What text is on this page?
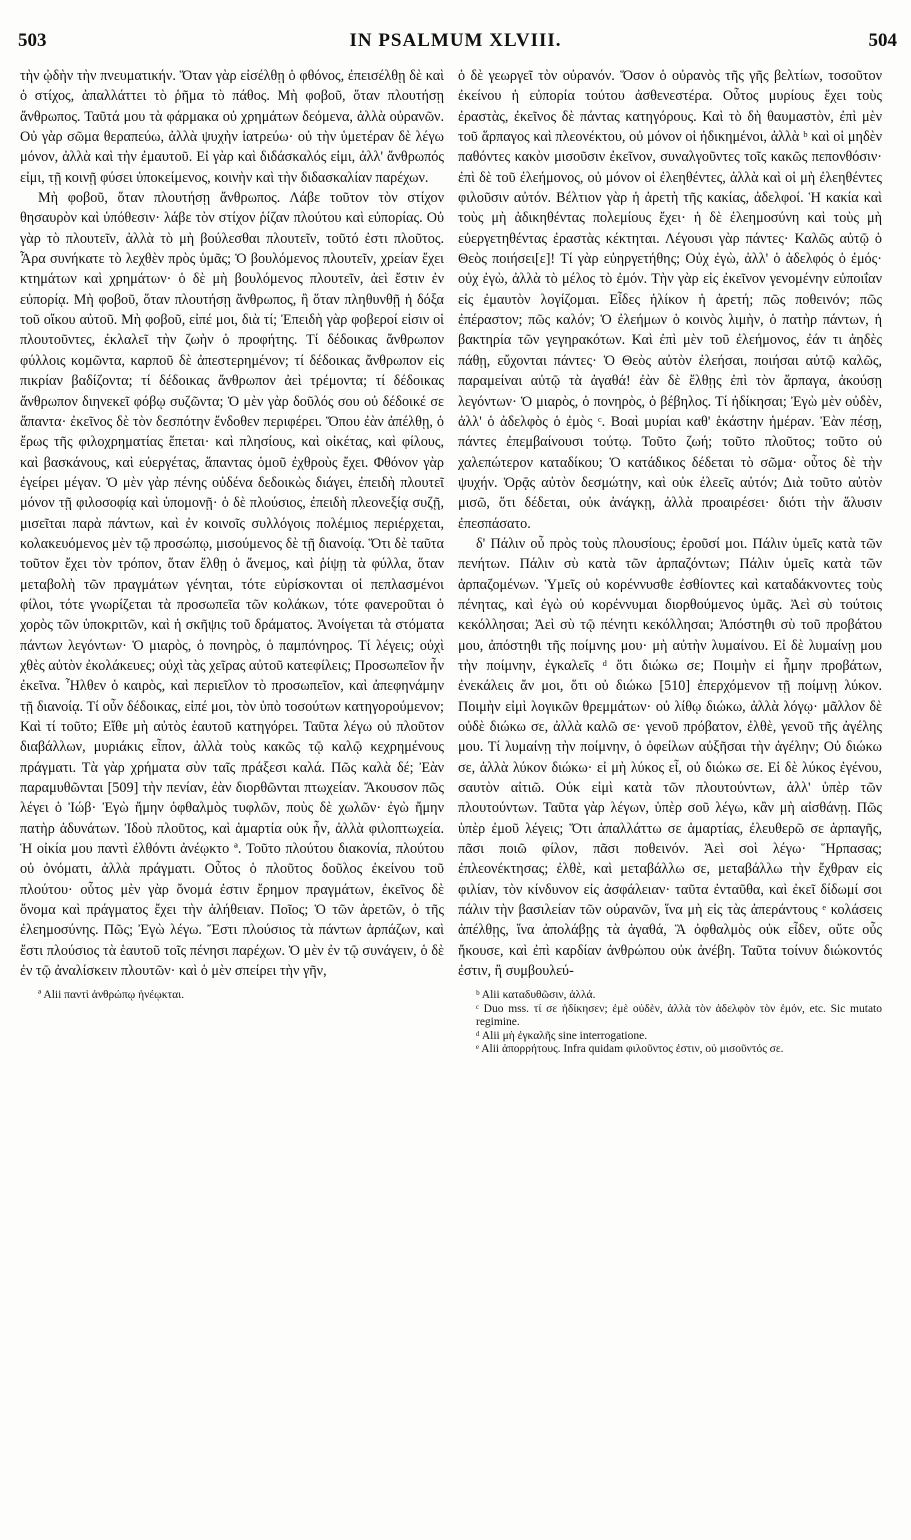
503	IN PSALMUM XLVIII.	504

τὴν ᾠδὴν τὴν πνευματικήν. Ὅταν γὰρ εἰσέλθῃ ὁ φθόνος, ἐπεισέλθῃ δὲ καὶ ὁ στίχος, ἀπαλλάττει τὸ ῥῆμα τὸ πάθος. Μὴ φοβοῦ, ὅταν πλουτήσῃ ἄνθρωπος. Ταῦτά μου τὰ φάρμακα οὐ χρημάτων δεόμενα, ἀλλὰ οὐρανῶν. Οὐ γὰρ σῶμα θεραπεύω, ἀλλὰ ψυχὴν ἰατρεύω· οὐ τὴν ὑμετέραν δὲ λέγω μόνον, ἀλλὰ καὶ τὴν ἐμαυτοῦ. Εἰ γὰρ καὶ διδάσκαλός εἰμι, ἀλλ' ἄνθρωπός εἰμι, τῇ κοινῇ φύσει ὑποκείμενος, κοινὴν καὶ τὴν διδασκαλίαν παρέχων.

Μὴ φοβοῦ, ὅταν πλουτήσῃ ἄνθρωπος. Λάβε τοῦτον τὸν στίχον θησαυρὸν καὶ ὑπόθεσιν· λάβε τὸν στίχον ῥίζαν πλούτου καὶ εὐπορίας. Οὐ γὰρ τὸ πλουτεῖν, ἀλλὰ τὸ μὴ βούλεσθαι πλουτεῖν, τοῦτό ἐστι πλοῦτος. Ἆρα συνήκατε τὸ λεχθὲν πρὸς ὑμᾶς; Ὁ βουλόμενος πλουτεῖν, χρείαν ἔχει κτημάτων καὶ χρημάτων· ὁ δὲ μὴ βουλόμενος πλουτεῖν, ἀεὶ ἔστιν ἐν εὐπορίᾳ. Μὴ φοβοῦ, ὅταν πλουτήσῃ ἄνθρωπος, ἢ ὅταν πληθυνθῇ ἡ δόξα τοῦ οἴκου αὐτοῦ. Μὴ φοβοῦ, εἰπέ μοι, διὰ τί; Ἐπειδὴ γὰρ φοβεροί εἰσιν οἱ πλουτοῦντες, ἐκλαλεῖ τὴν ζωὴν ὁ προφήτης. Τί δέδοικας ἄνθρωπον φύλλοις κομῶντα, καρποῦ δὲ ἀπεστερημένον; τί δέδοικας ἄνθρωπον εἰς πικρίαν βαδίζοντα; τί δέδοικας ἄνθρωπον ἀεὶ τρέμοντα; τί δέδοικας ἄνθρωπον διηνεκεῖ φόβῳ συζῶντα; Ὁ μὲν γὰρ δοῦλός σου οὐ δέδοικέ σε ἅπαντα· ἐκεῖνος δὲ τὸν δεσπότην ἔνδοθεν περιφέρει. Ὅπου ἐὰν ἀπέλθῃ, ὁ ἔρως τῆς φιλοχρηματίας ἕπεται· καὶ πλησίους, καὶ οἰκέτας, καὶ φίλους, καὶ βασκάνους, καὶ εὐεργέτας, ἅπαντας ὁμοῦ ἐχθροὺς ἔχει. Φθόνον γὰρ ἐγείρει μέγαν. Ὁ μὲν γὰρ πένης οὐδένα δεδοικὼς διάγει, ἐπειδὴ πλουτεῖ μόνον τῇ φιλοσοφίᾳ καὶ ὑπομονῇ· ὁ δὲ πλούσιος, ἐπειδὴ πλεονεξίᾳ συζῇ, μισεῖται παρὰ πάντων, καὶ ἐν κοινοῖς συλλόγοις πολέμιος περιέρχεται, κολακευόμενος μὲν τῷ προσώπῳ, μισούμενος δὲ τῇ διανοίᾳ. Ὅτι δὲ ταῦτα τοῦτον ἔχει τὸν τρόπον, ὅταν ἔλθῃ ὁ ἄνεμος, καὶ ῥίψῃ τὰ φύλλα, ὅταν μεταβολὴ τῶν πραγμάτων γένηται, τότε εὑρίσκονται οἱ πεπλασμένοι φίλοι, τότε γνωρίζεται τὰ προσωπεῖα τῶν κολάκων, τότε φανεροῦται ὁ χορὸς τῶν ὑποκριτῶν, καὶ ἡ σκῆψις τοῦ δράματος. Ἀνοίγεται τὰ στόματα πάντων λεγόντων· Ὁ μιαρὸς, ὁ πονηρὸς, ὁ παμπόνηρος. Τί λέγεις; οὐχὶ χθὲς αὐτὸν ἐκολάκευες; οὐχὶ τὰς χεῖρας αὐτοῦ κατεφίλεις; Προσωπεῖον ἦν ἐκεῖνα. Ἦλθεν ὁ καιρὸς, καὶ περιεῖλον τὸ προσωπεῖον, καὶ ἀπεφηνάμην τῇ διανοίᾳ. Τί οὖν δέδοικας, εἰπέ μοι, τὸν ὑπὸ τοσούτων κατηγορούμενον; Καὶ τί τοῦτο; Εἴθε μὴ αὐτὸς ἑαυτοῦ κατηγόρει. Ταῦτα λέγω οὐ πλοῦτον διαβάλλων, μυριάκις εἶπον, ἀλλὰ τοὺς κακῶς τῷ καλῷ κεχρημένους πράγματι. Τὰ γὰρ χρήματα σὺν ταῖς πράξεσι καλά. Πῶς καλὰ δέ; Ἐὰν παραμυθῶνται [509] τὴν πενίαν, ἐὰν διορθῶνται πτωχείαν. Ἄκουσον πῶς λέγει ὁ Ἰώβ· Ἐγὼ ἤμην ὀφθαλμὸς τυφλῶν, ποὺς δὲ χωλῶν· ἐγὼ ἤμην πατὴρ ἀδυνάτων. Ἰδοὺ πλοῦτος, καὶ ἁμαρτία οὐκ ἦν, ἀλλὰ φιλοπτωχεία. Ἡ οἰκία μου παντὶ ἐλθόντι ἀνέῳκτο ª. Τοῦτο πλούτου διακονία, πλούτου οὐ ὀνόματι, ἀλλὰ πράγματι. Οὗτος ὁ πλοῦτος δοῦλος ἐκείνου τοῦ πλούτου· οὗτος μὲν γὰρ ὄνομά ἐστιν ἔρημον πραγμάτων, ἐκεῖνος δὲ ὄνομα καὶ πράγματος ἔχει τὴν ἀλήθειαν. Ποῖος; Ὁ τῶν ἀρετῶν, ὁ τῆς ἐλεημοσύνης. Πῶς; Ἐγὼ λέγω. Ἔστι πλούσιος τὰ πάντων ἁρπάζων, καὶ ἔστι πλούσιος τὰ ἑαυτοῦ τοῖς πένησι παρέχων. Ὁ μὲν ἐν τῷ συνάγειν, ὁ δὲ ἐν τῷ ἀναλίσκειν πλουτῶν· καὶ ὁ μὲν σπείρει τὴν γῆν,

ª Alii παντὶ ἀνθρώπῳ ἠνέῳκται.

ὁ δὲ γεωργεῖ τὸν οὐρανόν. Ὅσον ὁ οὐρανὸς τῆς γῆς βελτίων, τοσοῦτον ἐκείνου ἡ εὐπορία τούτου ἀσθενεστέρα. Οὗτος μυρίους ἔχει τοὺς ἐραστὰς, ἐκεῖνος δὲ πάντας κατηγόρους. Καὶ τὸ δὴ θαυμαστὸν, ἐπὶ μὲν τοῦ ἅρπαγος καὶ πλεονέκτου, οὐ μόνον οἱ ἠδικημένοι, ἀλλὰ ᵇ καὶ οἱ μηδὲν παθόντες κακὸν μισοῦσιν ἐκεῖνον, συναλγοῦντες τοῖς κακῶς πεπονθόσιν· ἐπὶ δὲ τοῦ ἐλεήμονος, οὐ μόνον οἱ ἐλεηθέντες, ἀλλὰ καὶ οἱ μὴ ἐλεηθέντες φιλοῦσιν αὐτόν. Βέλτιον γὰρ ἡ ἀρετὴ τῆς κακίας, ἀδελφοί. Ἡ κακία καὶ τοὺς μὴ ἀδικηθέντας πολεμίους ἔχει· ἡ δὲ ἐλεημοσύνη καὶ τοὺς μὴ εὐεργετηθέντας ἐραστὰς κέκτηται. Λέγουσι γὰρ πάντες· Καλῶς αὐτῷ ὁ Θεὸς ποιήσει[ε]! Τί γὰρ εὐηργετήθης; Οὐχ ἐγὼ, ἀλλ' ὁ ἀδελφός ὁ ἐμός· οὐχ ἐγὼ, ἀλλὰ τὸ μέλος τὸ ἐμόν. Τὴν γὰρ εἰς ἐκεῖνον γενομένην εὐποιΐαν εἰς ἐμαυτὸν λογίζομαι. Εἶδες ἡλίκον ἡ ἀρετή; πῶς ποθεινόν; πῶς ἐπέραστον; πῶς καλόν; Ὁ ἐλεήμων ὁ κοινὸς λιμὴν, ὁ πατὴρ πάντων, ἡ βακτηρία τῶν γεγηρακότων. Καὶ ἐπὶ μὲν τοῦ ἐλεήμονος, ἐάν τι ἀηδὲς πάθῃ, εὔχονται πάντες· Ὁ Θεὸς αὐτὸν ἐλεήσαι, ποιήσαι αὐτῷ καλῶς, παραμείναι αὐτῷ τὰ ἀγαθά! ἐὰν δὲ ἔλθῃς ἐπὶ τὸν ἅρπαγα, ἀκούσῃ λεγόντων· Ὁ μιαρὸς, ὁ πονηρὸς, ὁ βέβηλος. Τί ἠδίκησαι; Ἐγὼ μὲν οὐδὲν, ἀλλ' ὁ ἀδελφὸς ὁ ἐμὸς ᶜ. Βοαὶ μυρίαι καθ' ἑκάστην ἡμέραν. Ἐὰν πέσῃ, πάντες ἐπεμβαίνουσι τούτῳ. Τοῦτο ζωή; τοῦτο πλοῦτος; τοῦτο οὐ χαλεπώτερον καταδίκου; Ὁ κατάδικος δέδεται τὸ σῶμα· οὗτος δὲ τὴν ψυχήν. Ὁρᾷς αὐτὸν δεσμώτην, καὶ οὐκ ἐλεεῖς αὐτόν; Διὰ τοῦτο αὐτὸν μισῶ, ὅτι δέδεται, οὐκ ἀνάγκῃ, ἀλλὰ προαιρέσει· διότι τὴν ἅλυσιν ἐπεσπάσατο.

δ' Πάλιν οὖ πρὸς τοὺς πλουσίους; ἐροῦσί μοι. Πάλιν ὑμεῖς κατὰ τῶν πενήτων. Πάλιν σὺ κατὰ τῶν ἁρπαζόντων; Πάλιν ὑμεῖς κατὰ τῶν ἁρπαζομένων. Ὑμεῖς οὐ κορέννυσθε ἐσθίοντες καὶ καταδάκνοντες τοὺς πένητας, καὶ ἐγὼ οὐ κορέννυμαι διορθούμενος ὑμᾶς. Ἀεὶ σὺ τούτοις κεκόλλησαι; Ἀεὶ σὺ τῷ πένητι κεκόλλησαι; Ἀπόστηθι σὺ τοῦ προβάτου μου, ἀπόστηθι τῆς ποίμνης μου· μὴ αὐτὴν λυμαίνου. Εἰ δὲ λυμαίνῃ μου τὴν ποίμνην, ἐγκαλεῖς ᵈ ὅτι διώκω σε; Ποιμὴν εἰ ἦμην προβάτων, ἐνεκάλεις ἄν μοι, ὅτι οὐ διώκω [510] ἐπερχόμενον τῇ ποίμνῃ λύκον. Ποιμὴν εἰμὶ λογικῶν θρεμμάτων· οὐ λίθῳ διώκω, ἀλλὰ λόγῳ· μᾶλλον δὲ οὐδὲ διώκω σε, ἀλλὰ καλῶ σε· γενοῦ πρόβατον, ἐλθὲ, γενοῦ τῆς ἀγέλης μου. Τί λυμαίνῃ τὴν ποίμνην, ὁ ὀφείλων αὐξῆσαι τὴν ἀγέλην; Οὐ διώκω σε, ἀλλὰ λύκον διώκω· εἰ μὴ λύκος εἶ, οὐ διώκω σε. Εἰ δὲ λύκος ἐγένου, σαυτὸν αἰτιῶ. Οὐκ εἰμὶ κατὰ τῶν πλουτούντων, ἀλλ' ὑπὲρ τῶν πλουτούντων. Ταῦτα γὰρ λέγων, ὑπὲρ σοῦ λέγω, κἂν μὴ αἰσθάνῃ. Πῶς ὑπὲρ ἐμοῦ λέγεις; Ὅτι ἀπαλλάττω σε ἁμαρτίας, ἐλευθερῶ σε ἁρπαγῆς, πᾶσι ποιῶ φίλον, πᾶσι ποθεινόν. Ἀεὶ σοὶ λέγω· Ἥρπασας; ἐπλεονέκτησας; ἐλθὲ, καὶ μεταβάλλω σε, μεταβάλλω τὴν ἔχθραν εἰς φιλίαν, τὸν κίνδυνον εἰς ἀσφάλειαν· ταῦτα ἐνταῦθα, καὶ ἐκεῖ δίδωμί σοι πάλιν τὴν βασιλείαν τῶν οὐρανῶν, ἵνα μὴ εἰς τὰς ἀπεράντους ᵉ κολάσεις ἀπέλθῃς, ἵνα ἀπολάβῃς τὰ ἀγαθά, Ἃ ὀφθαλμὸς οὐκ εἶδεν, οὔτε οὖς ἤκουσε, καὶ ἐπὶ καρδίαν ἀνθρώπου οὐκ ἀνέβη. Ταῦτα τοίνυν διώκοντός ἐστιν, ἢ συμβουλεύ-

ᵇ Alii καταδυθῶσιν, ἀλλά.

ᶜ Duo mss. τί σε ἠδίκησεν; ἐμὲ οὐδὲν, ἀλλὰ τὸν ἀδελφὸν τὸν ἐμόν, etc. Sic mutato regimine.

ᵈ Alii μὴ ἐγκαλῆς sine interrogatione.

ᵉ Alii ἀπορρήτους. Infra quidam φιλοῦντος ἐστιν, οὐ μισοῦντός σε.
